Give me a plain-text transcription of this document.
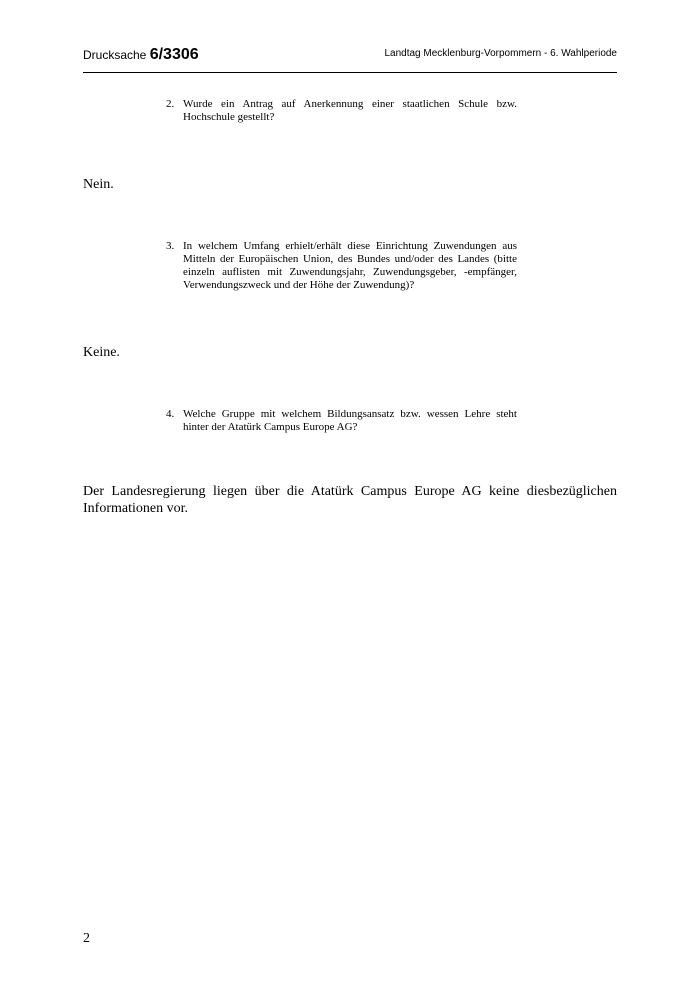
Drucksache 6/3306	Landtag Mecklenburg-Vorpommern - 6. Wahlperiode
2. Wurde ein Antrag auf Anerkennung einer staatlichen Schule bzw. Hochschule gestellt?
Nein.
3. In welchem Umfang erhielt/erhält diese Einrichtung Zuwendungen aus Mitteln der Europäischen Union, des Bundes und/oder des Landes (bitte einzeln auflisten mit Zuwendungsjahr, Zuwendungsgeber, -empfänger, Verwendungszweck und der Höhe der Zuwendung)?
Keine.
4. Welche Gruppe mit welchem Bildungsansatz bzw. wessen Lehre steht hinter der Atatürk Campus Europe AG?
Der Landesregierung liegen über die Atatürk Campus Europe AG keine diesbezüglichen Informationen vor.
2
